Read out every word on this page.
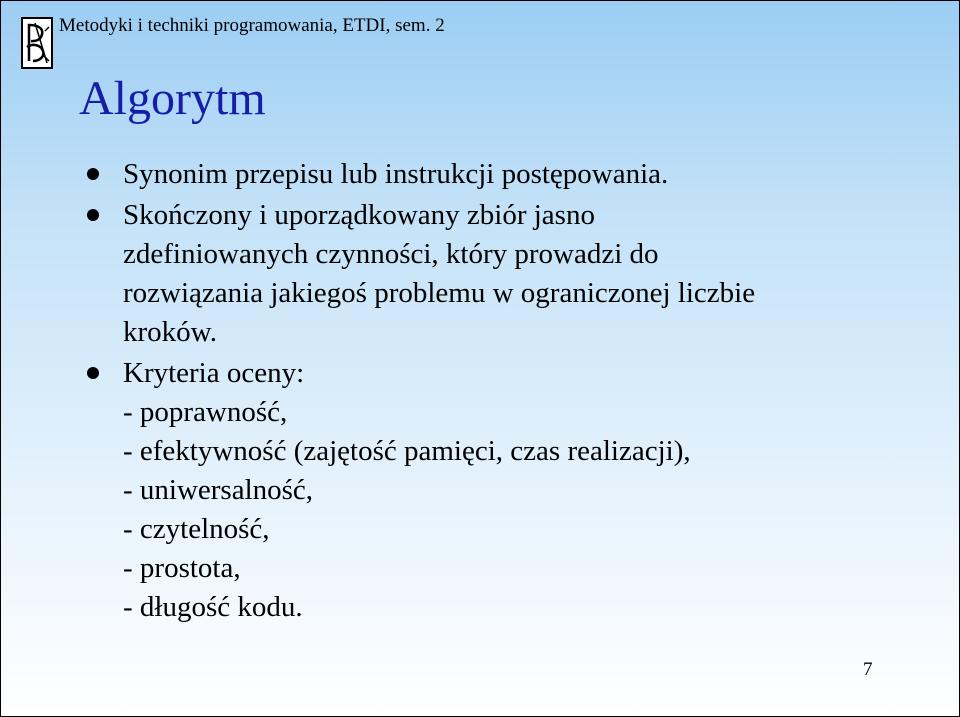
Metodyki i techniki programowania, ETDI, sem. 2
Algorytm
Synonim przepisu lub instrukcji postępowania.
Skończony i uporządkowany zbiór jasno
zdefiniowanych czynności, który prowadzi do
rozwiązania jakiegoś problemu w ograniczonej liczbie
kroków.
Kryteria oceny:
- poprawność,
- efektywność (zajętość pamięci, czas realizacji),
- uniwersalność,
- czytelność,
- prostota,
- długość kodu.
7
